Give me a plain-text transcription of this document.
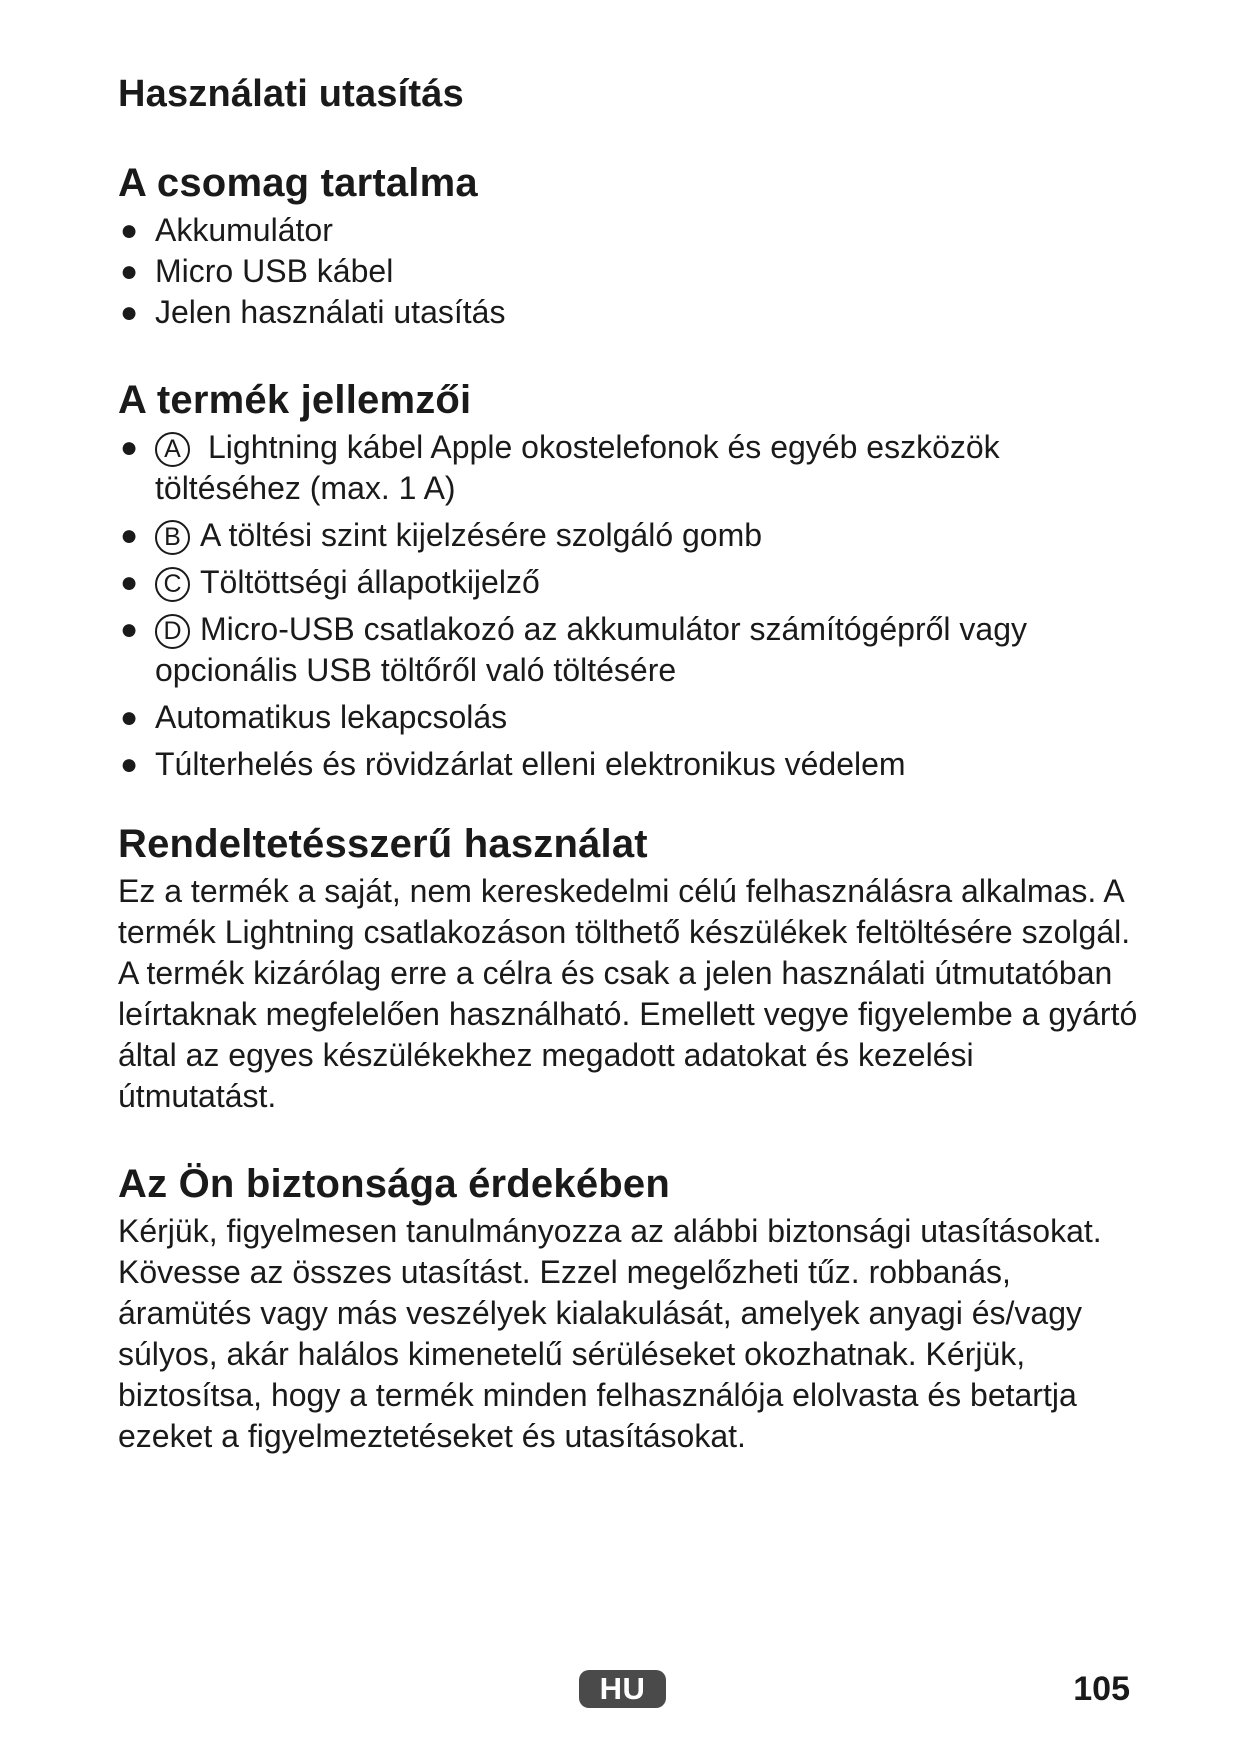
Használati utasítás
A csomag tartalma
● Akkumulátor
● Micro USB kábel
● Jelen használati utasítás
A termék jellemzői
● A Lightning kábel Apple okostelefonok és egyéb eszközök töltéséhez (max. 1 A)
● B A töltési szint kijelzésére szolgáló gomb
● C Töltöttségi állapotkijelző
● D Micro-USB csatlakozó az akkumulátor számítógépről vagy opcionális USB töltőről való töltésére
● Automatikus lekapcsolás
● Túlterhelés és rövidzárlat elleni elektronikus védelem
Rendeltetésszerű használat

Ez a termék a saját, nem kereskedelmi célú felhasználásra alkalmas. A termék Lightning csatlakozáson tölthető készülékek feltöltésére szolgál. A termék kizárólag erre a célra és csak a jelen használati útmutatóban leírtaknak megfelelően használható. Emellett vegye figyelembe a gyártó által az egyes készülékekhez megadott adatokat és kezelési útmutatást.

Az Ön biztonsága érdekében

Kérjük, figyelmesen tanulmányozza az alábbi biztonsági utasításokat. Kövesse az összes utasítást. Ezzel megelőzheti tűz. robbanás, áramütés vagy más veszélyek kialakulását, amelyek anyagi és/vagy súlyos, akár halálos kimenetelű sérüléseket okozhatnak. Kérjük, biztosítsa, hogy a termék minden felhasználója elolvasta és betartja ezeket a figyelmeztetéseket és utasításokat.

HU	105
